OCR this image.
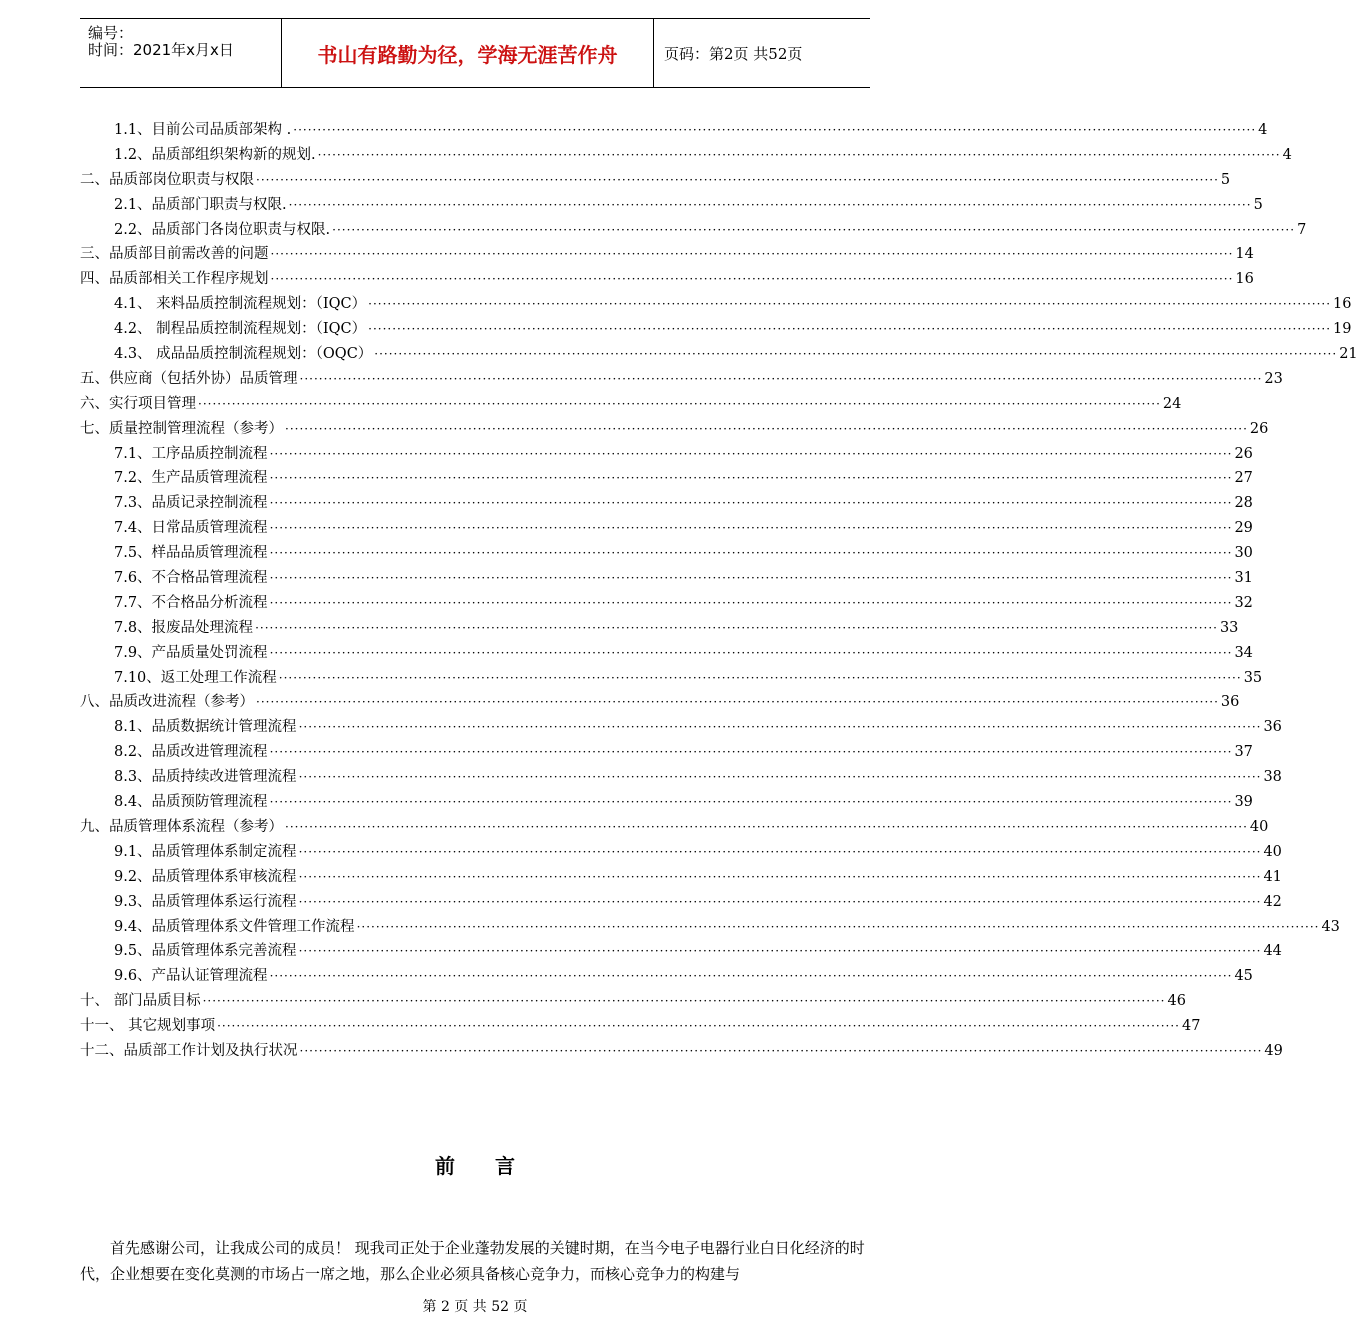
编号：
时间：2021年x月x日	书山有路勤为径，学海无涯苦作舟	页码：第2页 共52页
1.1、目前公司品质部架构 . ········································································································································································································ 4
1.2、品质部组织架构新的规划. ········································································································································································································ 4
二、品质部岗位职责与权限 ········································································································································································································ 5
2.1、品质部门职责与权限. ········································································································································································································ 5
2.2、品质部门各岗位职责与权限. ········································································································································································································ 7
三、品质部目前需改善的问题 ········································································································································································································ 14
四、品质部相关工作程序规划 ········································································································································································································ 16
4.1、 来料品质控制流程规划：（IQC） ········································································································································································································ 16
4.2、 制程品质控制流程规划：（IQC） ········································································································································································································ 19
4.3、 成品品质控制流程规划：（OQC） ········································································································································································································ 21
五、供应商（包括外协）品质管理 ········································································································································································································ 23
六、实行项目管理 ········································································································································································································ 24
七、质量控制管理流程（参考） ········································································································································································································ 26
7.1、工序品质控制流程 ········································································································································································································ 26
7.2、生产品质管理流程 ········································································································································································································ 27
7.3、品质记录控制流程 ········································································································································································································ 28
7.4、日常品质管理流程 ········································································································································································································ 29
7.5、样品品质管理流程 ········································································································································································································ 30
7.6、不合格品管理流程 ········································································································································································································ 31
7.7、不合格品分析流程 ········································································································································································································ 32
7.8、报废品处理流程 ········································································································································································································ 33
7.9、产品质量处罚流程 ········································································································································································································ 34
7.10、返工处理工作流程 ········································································································································································································ 35
八、品质改进流程（参考） ········································································································································································································ 36
8.1、品质数据统计管理流程 ········································································································································································································ 36
8.2、品质改进管理流程 ········································································································································································································ 37
8.3、品质持续改进管理流程 ········································································································································································································ 38
8.4、品质预防管理流程 ········································································································································································································ 39
九、品质管理体系流程（参考） ········································································································································································································ 40
9.1、品质管理体系制定流程 ········································································································································································································ 40
9.2、品质管理体系审核流程 ········································································································································································································ 41
9.3、品质管理体系运行流程 ········································································································································································································ 42
9.4、品质管理体系文件管理工作流程 ········································································································································································································ 43
9.5、品质管理体系完善流程 ········································································································································································································ 44
9.6、产品认证管理流程 ········································································································································································································ 45
十、 部门品质目标 ········································································································································································································ 46
十一、 其它规划事项 ········································································································································································································ 47
十二、品质部工作计划及执行状况 ········································································································································································································ 49
前言
首先感谢公司，让我成公司的成员！ 现我司正处于企业蓬勃发展的关键时期，在当今电子电器行业白日化经济的时代，企业想要在变化莫测的市场占一席之地，那么企业必须具备核心竞争力，而核心竞争力的构建与
第 2 页 共 52 页
